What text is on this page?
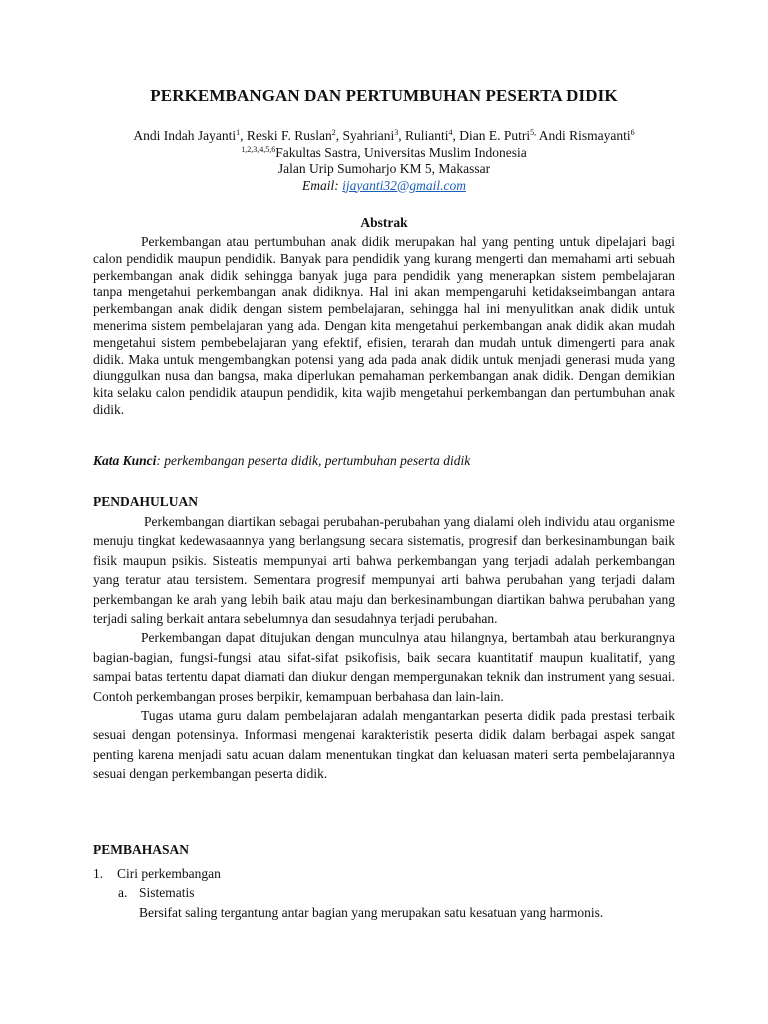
PERKEMBANGAN DAN PERTUMBUHAN PESERTA DIDIK
Andi Indah Jayanti$^1$, Reski F. Ruslan$^2$, Syahriani$^3$, Rulianti$^4$, Dian E. Putri$^{5,}$ Andi Rismayanti$^6$
$^{1,2,3,4,5,6}$Fakultas Sastra, Universitas Muslim Indonesia
Jalan Urip Sumoharjo KM 5, Makassar
Email: ijayanti32@gmail.com
Abstrak
Perkembangan atau pertumbuhan anak didik merupakan hal yang penting untuk dipelajari bagi calon pendidik maupun pendidik. Banyak para pendidik yang kurang mengerti dan memahami arti sebuah perkembangan anak didik sehingga banyak juga para pendidik yang menerapkan sistem pembelajaran tanpa mengetahui perkembangan anak didiknya. Hal ini akan mempengaruhi ketidakseimbangan antara perkembangan anak didik dengan sistem pembelajaran, sehingga hal ini menyulitkan anak didik untuk menerima sistem pembelajaran yang ada. Dengan kita mengetahui perkembangan anak didik akan mudah mengetahui sistem pembebelajaran yang efektif, efisien, terarah dan mudah untuk dimengerti para anak didik. Maka untuk mengembangkan potensi yang ada pada anak didik untuk menjadi generasi muda yang diunggulkan nusa dan bangsa, maka diperlukan pemahaman perkembangan anak didik. Dengan demikian kita selaku calon pendidik ataupun pendidik, kita wajib mengetahui perkembangan dan pertumbuhan anak didik.
Kata Kunci: perkembangan peserta didik, pertumbuhan peserta didik
PENDAHULUAN

Perkembangan diartikan sebagai perubahan-perubahan yang dialami oleh individu atau organisme menuju tingkat kedewasaannya yang berlangsung secara sistematis, progresif dan berkesinambungan baik fisik maupun psikis. Sisteatis mempunyai arti bahwa perkembangan yang terjadi adalah perkembangan yang teratur atau tersistem. Sementara progresif mempunyai arti bahwa perubahan yang terjadi dalam perkembangan ke arah yang lebih baik atau maju dan berkesinambungan diartikan bahwa perubahan yang terjadi saling berkait antara sebelumnya dan sesudahnya terjadi perubahan.

Perkembangan dapat ditujukan dengan munculnya atau hilangnya, bertambah atau berkurangnya bagian-bagian, fungsi-fungsi atau sifat-sifat psikofisis, baik secara kuantitatif maupun kualitatif, yang sampai batas tertentu dapat diamati dan diukur dengan mempergunakan teknik dan instrument yang sesuai. Contoh perkembangan proses berpikir, kemampuan berbahasa dan lain-lain.

Tugas utama guru dalam pembelajaran adalah mengantarkan peserta didik pada prestasi terbaik sesuai dengan potensinya. Informasi mengenai karakteristik peserta didik dalam berbagai aspek sangat penting karena menjadi satu acuan dalam menentukan tingkat dan keluasan materi serta pembelajarannya sesuai dengan perkembangan peserta didik.

PEMBAHASAN
1. Ciri perkembangan
a. Sistematis
Bersifat saling tergantung antar bagian yang merupakan satu kesatuan yang harmonis.
